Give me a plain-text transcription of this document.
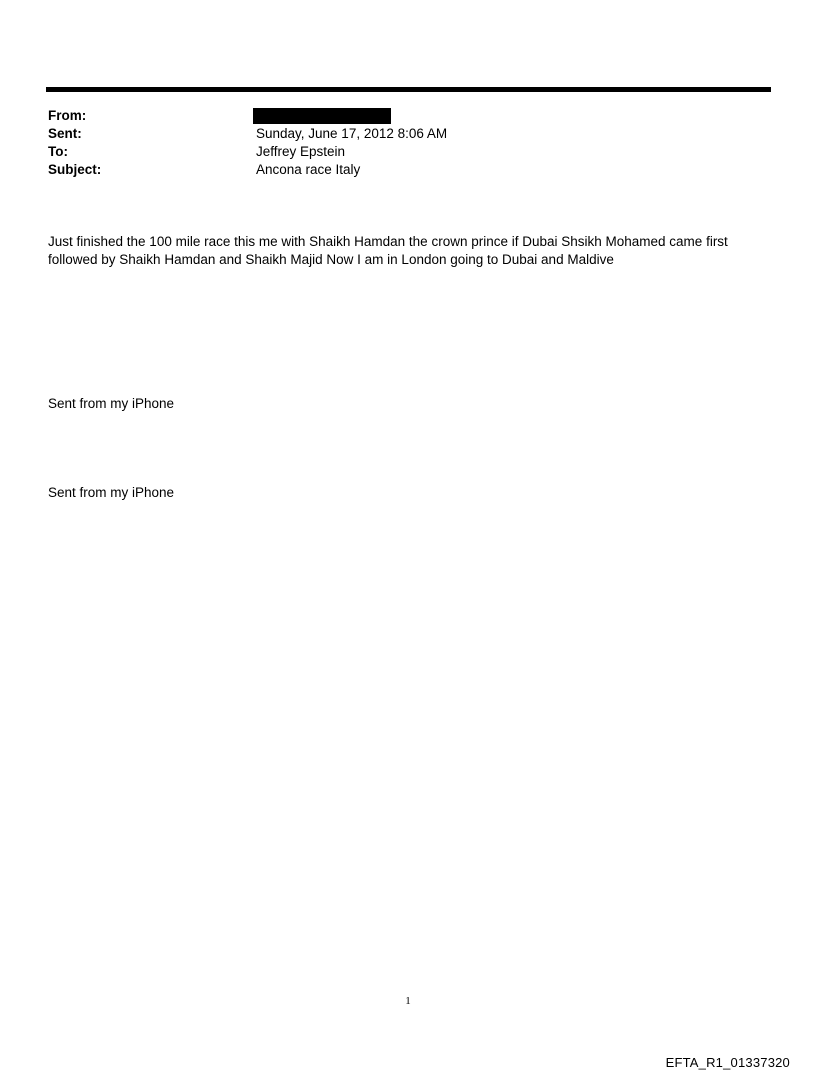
From:
Sent:	Sunday, June 17, 2012 8:06 AM
To:	Jeffrey Epstein
Subject:	Ancona race Italy

Just finished the 100 mile race this me with Shaikh Hamdan the crown prince if Dubai Shsikh Mohamed came first

followed by Shaikh Hamdan and Shaikh Majid Now I am in London going to Dubai and Maldive

Sent from my iPhone
Sent from my iPhone
1
EFTA_R1_01337320
